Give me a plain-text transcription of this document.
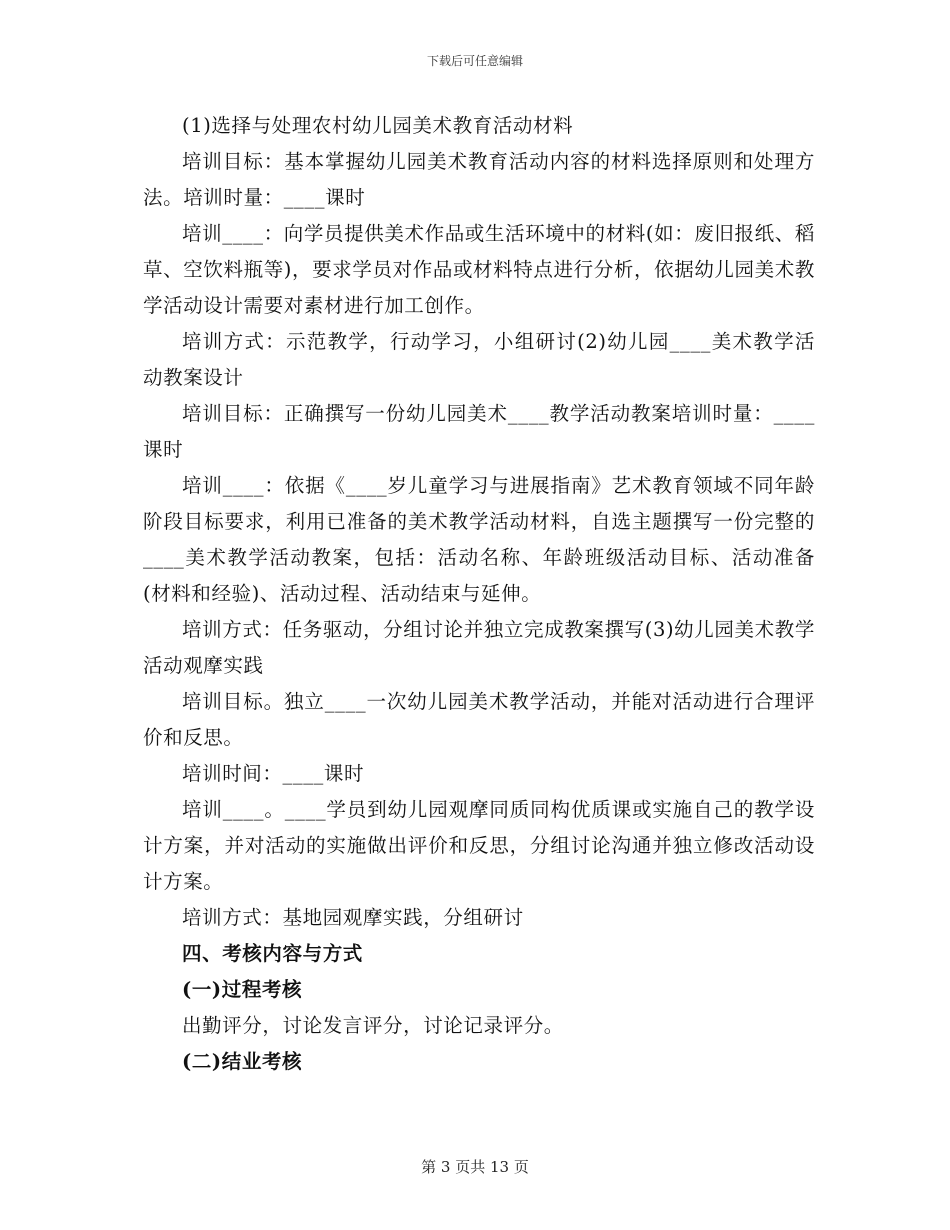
下载后可任意编辑

(1)选择与处理农村幼儿园美术教育活动材料

培训目标：基本掌握幼儿园美术教育活动内容的材料选择原则和处理方法。培训时量：____课时

培训____：向学员提供美术作品或生活环境中的材料(如：废旧报纸、稻草、空饮料瓶等)，要求学员对作品或材料特点进行分析，依据幼儿园美术教学活动设计需要对素材进行加工创作。

培训方式：示范教学，行动学习，小组研讨(2)幼儿园____美术教学活动教案设计

培训目标：正确撰写一份幼儿园美术____教学活动教案培训时量：____课时

培训____：依据《____岁儿童学习与进展指南》艺术教育领域不同年龄阶段目标要求，利用已准备的美术教学活动材料，自选主题撰写一份完整的____美术教学活动教案，包括：活动名称、年龄班级活动目标、活动准备(材料和经验)、活动过程、活动结束与延伸。

培训方式：任务驱动，分组讨论并独立完成教案撰写(3)幼儿园美术教学活动观摩实践

培训目标。独立____一次幼儿园美术教学活动，并能对活动进行合理评价和反思。

培训时间：____课时

培训____。____学员到幼儿园观摩同质同构优质课或实施自己的教学设计方案，并对活动的实施做出评价和反思，分组讨论沟通并独立修改活动设计方案。

培训方式：基地园观摩实践，分组研讨

四、考核内容与方式

(一)过程考核

出勤评分，讨论发言评分，讨论记录评分。

(二)结业考核

第 3 页共 13 页
